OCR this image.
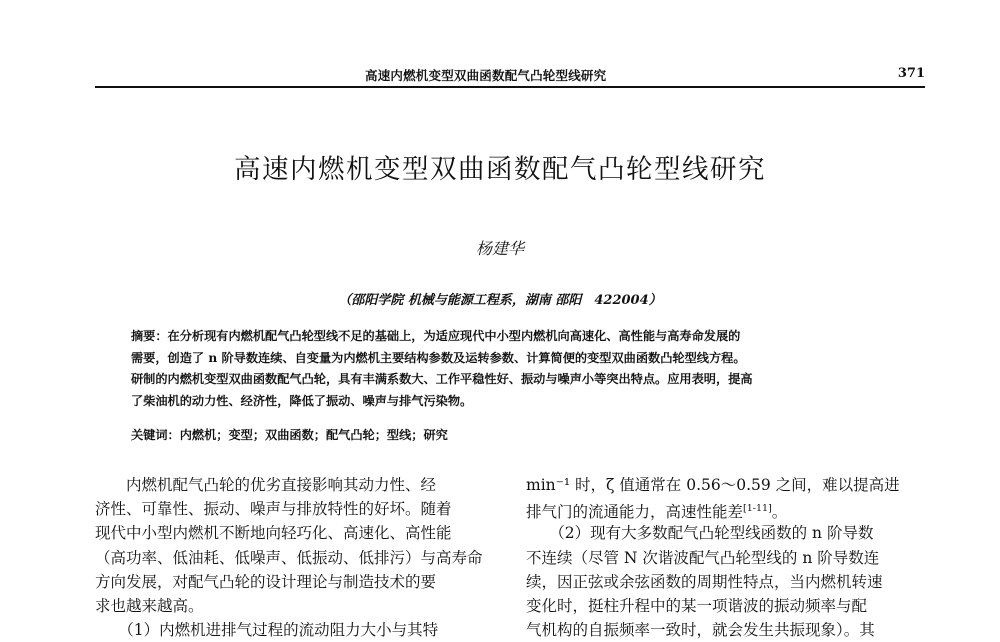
高速内燃机变型双曲函数配气凸轮型线研究	371
高速内燃机变型双曲函数配气凸轮型线研究
杨建华
（邵阳学院 机械与能源工程系，湖南 邵阳　422004）
摘要：在分析现有内燃机配气凸轮型线不足的基础上，为适应现代中小型内燃机向高速化、高性能与高寿命发展的
需要，创造了 n 阶导数连续、自变量为内燃机主要结构参数及运转参数、计算简便的变型双曲函数凸轮型线方程。
研制的内燃机变型双曲函数配气凸轮，具有丰满系数大、工作平稳性好、振动与噪声小等突出特点。应用表明，提高
了柴油机的动力性、经济性，降低了振动、噪声与排气污染物。
关键词：内燃机；变型；双曲函数；配气凸轮；型线；研究
　　内燃机配气凸轮的优劣直接影响其动力性、经
济性、可靠性、振动、噪声与排放特性的好坏。随着
现代中小型内燃机不断地向轻巧化、高速化、高性能
（高功率、低油耗、低噪声、低振动、低排污）与高寿命
方向发展，对配气凸轮的设计理论与制造技术的要
求也越来越高。
　　（1）内燃机进排气过程的流动阻力大小与其特
min⁻¹ 时，ζ 值通常在 0.56～0.59 之间，难以提高进
排气门的流通能力，高速性能差[1-11]。
　　（2）现有大多数配气凸轮型线函数的 n 阶导数
不连续（尽管 N 次谐波配气凸轮型线的 n 阶导数连
续，因正弦或余弦函数的周期性特点，当内燃机转速
变化时，挺柱升程中的某一项谐波的振动频率与配
气机构的自振频率一致时，就会发生共振现象）。其
